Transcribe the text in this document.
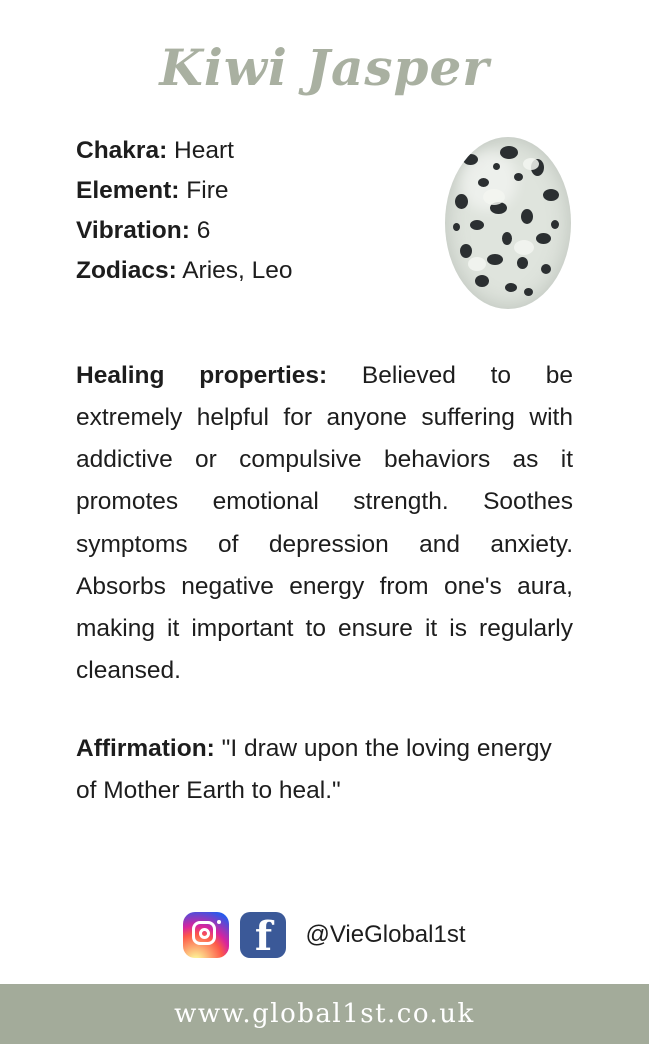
Kiwi Jasper
Chakra: Heart
Element: Fire
Vibration: 6
Zodiacs: Aries, Leo
Healing properties: Believed to be extremely helpful for anyone suffering with addictive or compulsive behaviors as it promotes emotional strength. Soothes symptoms of depression and anxiety. Absorbs negative energy from one's aura, making it important to ensure it is regularly cleansed.
Affirmation: "I draw upon the loving energy of Mother Earth to heal."
f	@VieGlobal1st
www.global1st.co.uk
